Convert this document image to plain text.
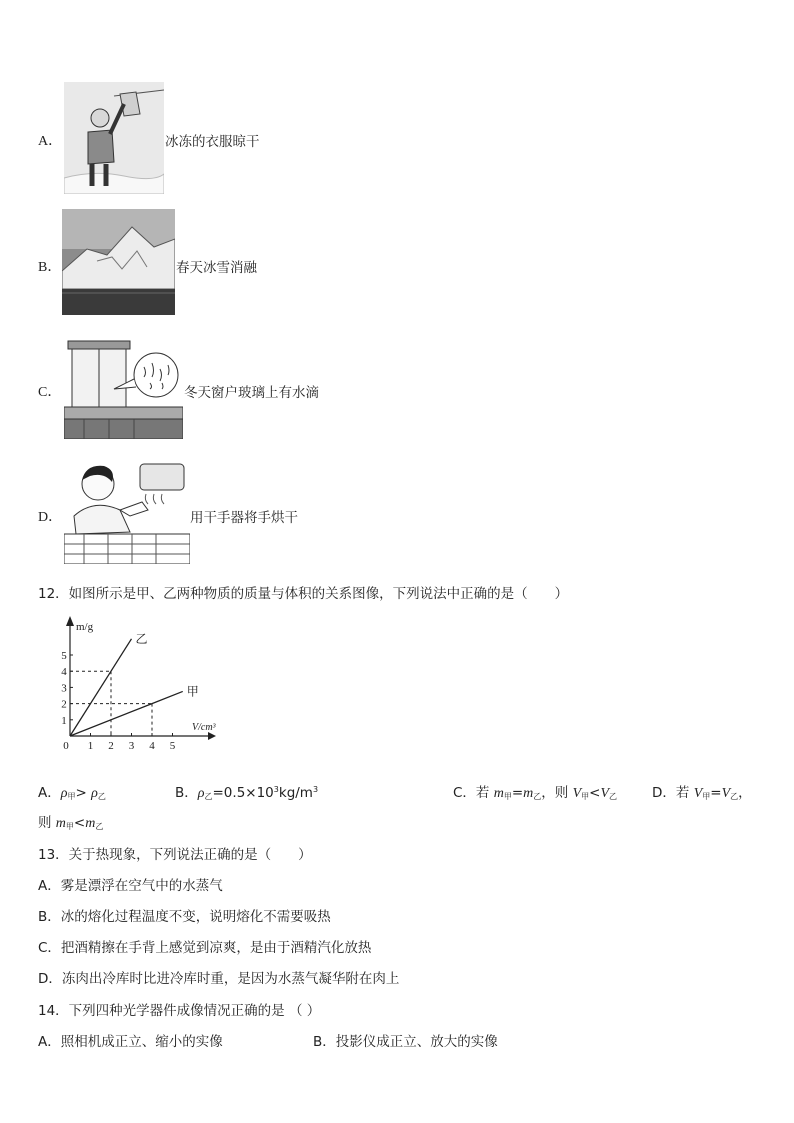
A．	冰冻的衣服晾干
B．	春天冰雪消融
C．	冬天窗户玻璃上有水滴
D．	用干手器将手烘干
12．如图所示是甲、乙两种物质的质量与体积的关系图像，下列说法中正确的是（　　）
0 1 2 3 4 5
1
2
3
4
5
m/g
V/cm³
乙
甲
A．$\rho_甲> \rho_乙$	B．$\rho_乙=0.5\times 10^3kg/m^3$	C．若 $m_甲=m_乙$，则 $V_甲<V_乙$	D．若 $V_甲=V_乙$，
则 $m_甲<m_乙$
13．关于热现象，下列说法正确的是（　　）
A．雾是漂浮在空气中的水蒸气
B．冰的熔化过程温度不变，说明熔化不需要吸热
C．把酒精擦在手背上感觉到凉爽，是由于酒精汽化放热
D．冻肉出冷库时比进冷库时重，是因为水蒸气凝华附在肉上
14．下列四种光学器件成像情况正确的是 （ ）
A．照相机成正立、缩小的实像	B．投影仪成正立、放大的实像
